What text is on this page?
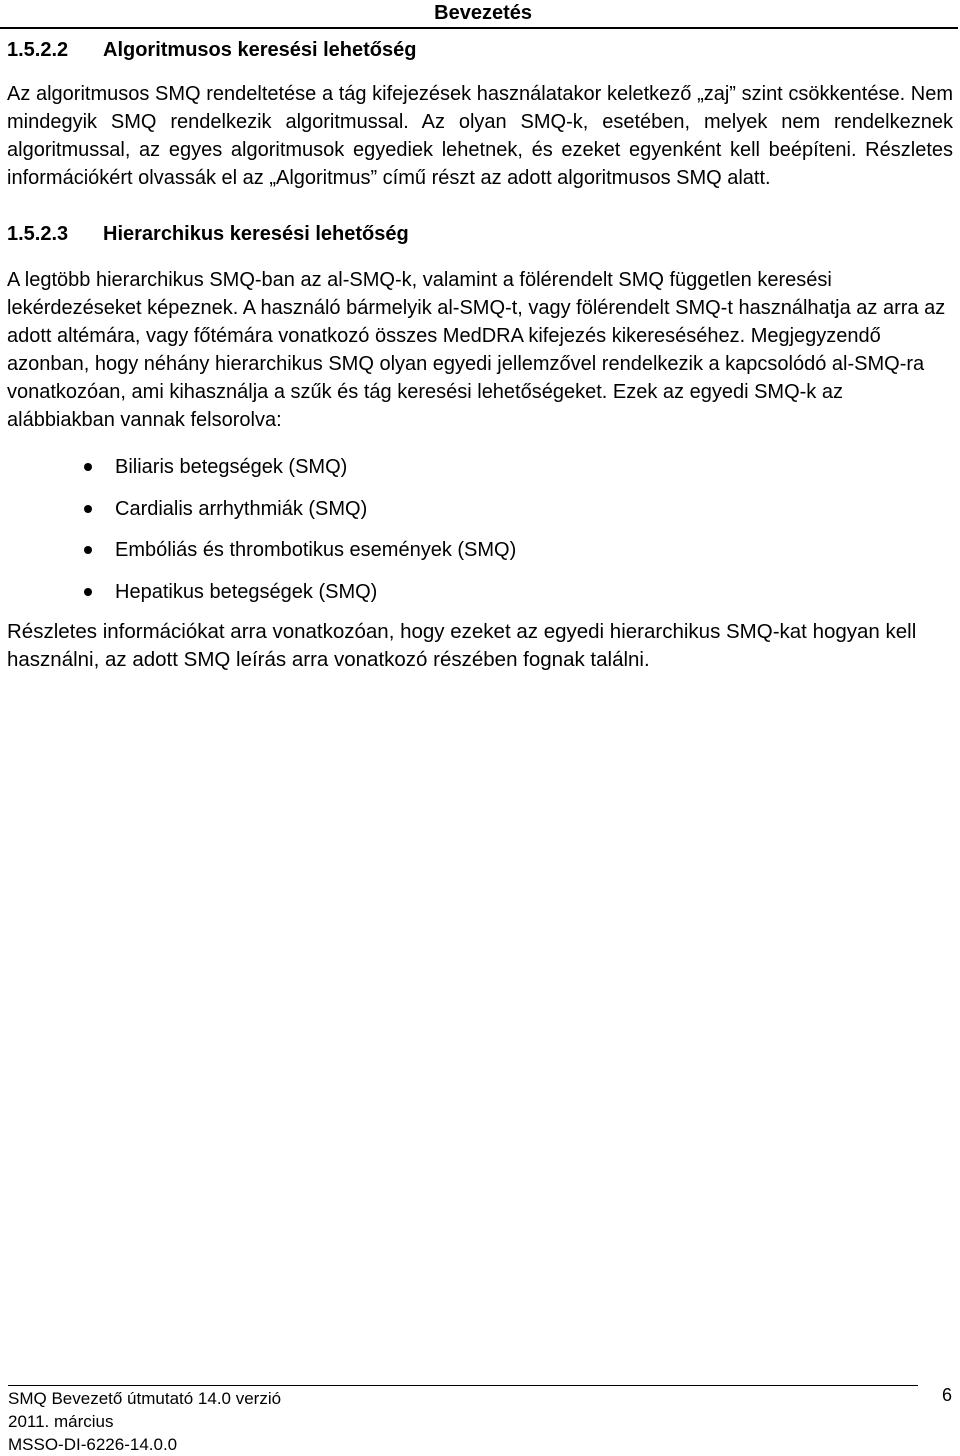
Bevezetés
1.5.2.2 Algoritmusos keresési lehetőség

Az algoritmusos SMQ rendeltetése a tág kifejezések használatakor keletkező „zaj” szint csökkentése. Nem mindegyik SMQ rendelkezik algoritmussal. Az olyan SMQ-k, esetében, melyek nem rendelkeznek algoritmussal, az egyes algoritmusok egyediek lehetnek, és ezeket egyenként kell beépíteni. Részletes információkért olvassák el az „Algoritmus” című részt az adott algoritmusos SMQ alatt.

1.5.2.3 Hierarchikus keresési lehetőség

A legtöbb hierarchikus SMQ-ban az al-SMQ-k, valamint a fölérendelt SMQ független keresési lekérdezéseket képeznek. A használó bármelyik al-SMQ-t, vagy fölérendelt SMQ-t használhatja az arra az adott altémára, vagy főtémára vonatkozó összes MedDRA kifejezés kikereséséhez. Megjegyzendő azonban, hogy néhány hierarchikus SMQ olyan egyedi jellemzővel rendelkezik a kapcsolódó al-SMQ-ra vonatkozóan, ami kihasználja a szűk és tág keresési lehetőségeket. Ezek az egyedi SMQ-k az alábbiakban vannak felsorolva:

Biliaris betegségek (SMQ)
Cardialis arrhythmiák (SMQ)
Embóliás és thrombotikus események (SMQ)
Hepatikus betegségek (SMQ)

Részletes információkat arra vonatkozóan, hogy ezeket az egyedi hierarchikus SMQ-kat hogyan kell használni, az adott SMQ leírás arra vonatkozó részében fognak találni.

SMQ Bevezető útmutató 14.0 verzió
2011. március
MSSO-DI-6226-14.0.0
6
